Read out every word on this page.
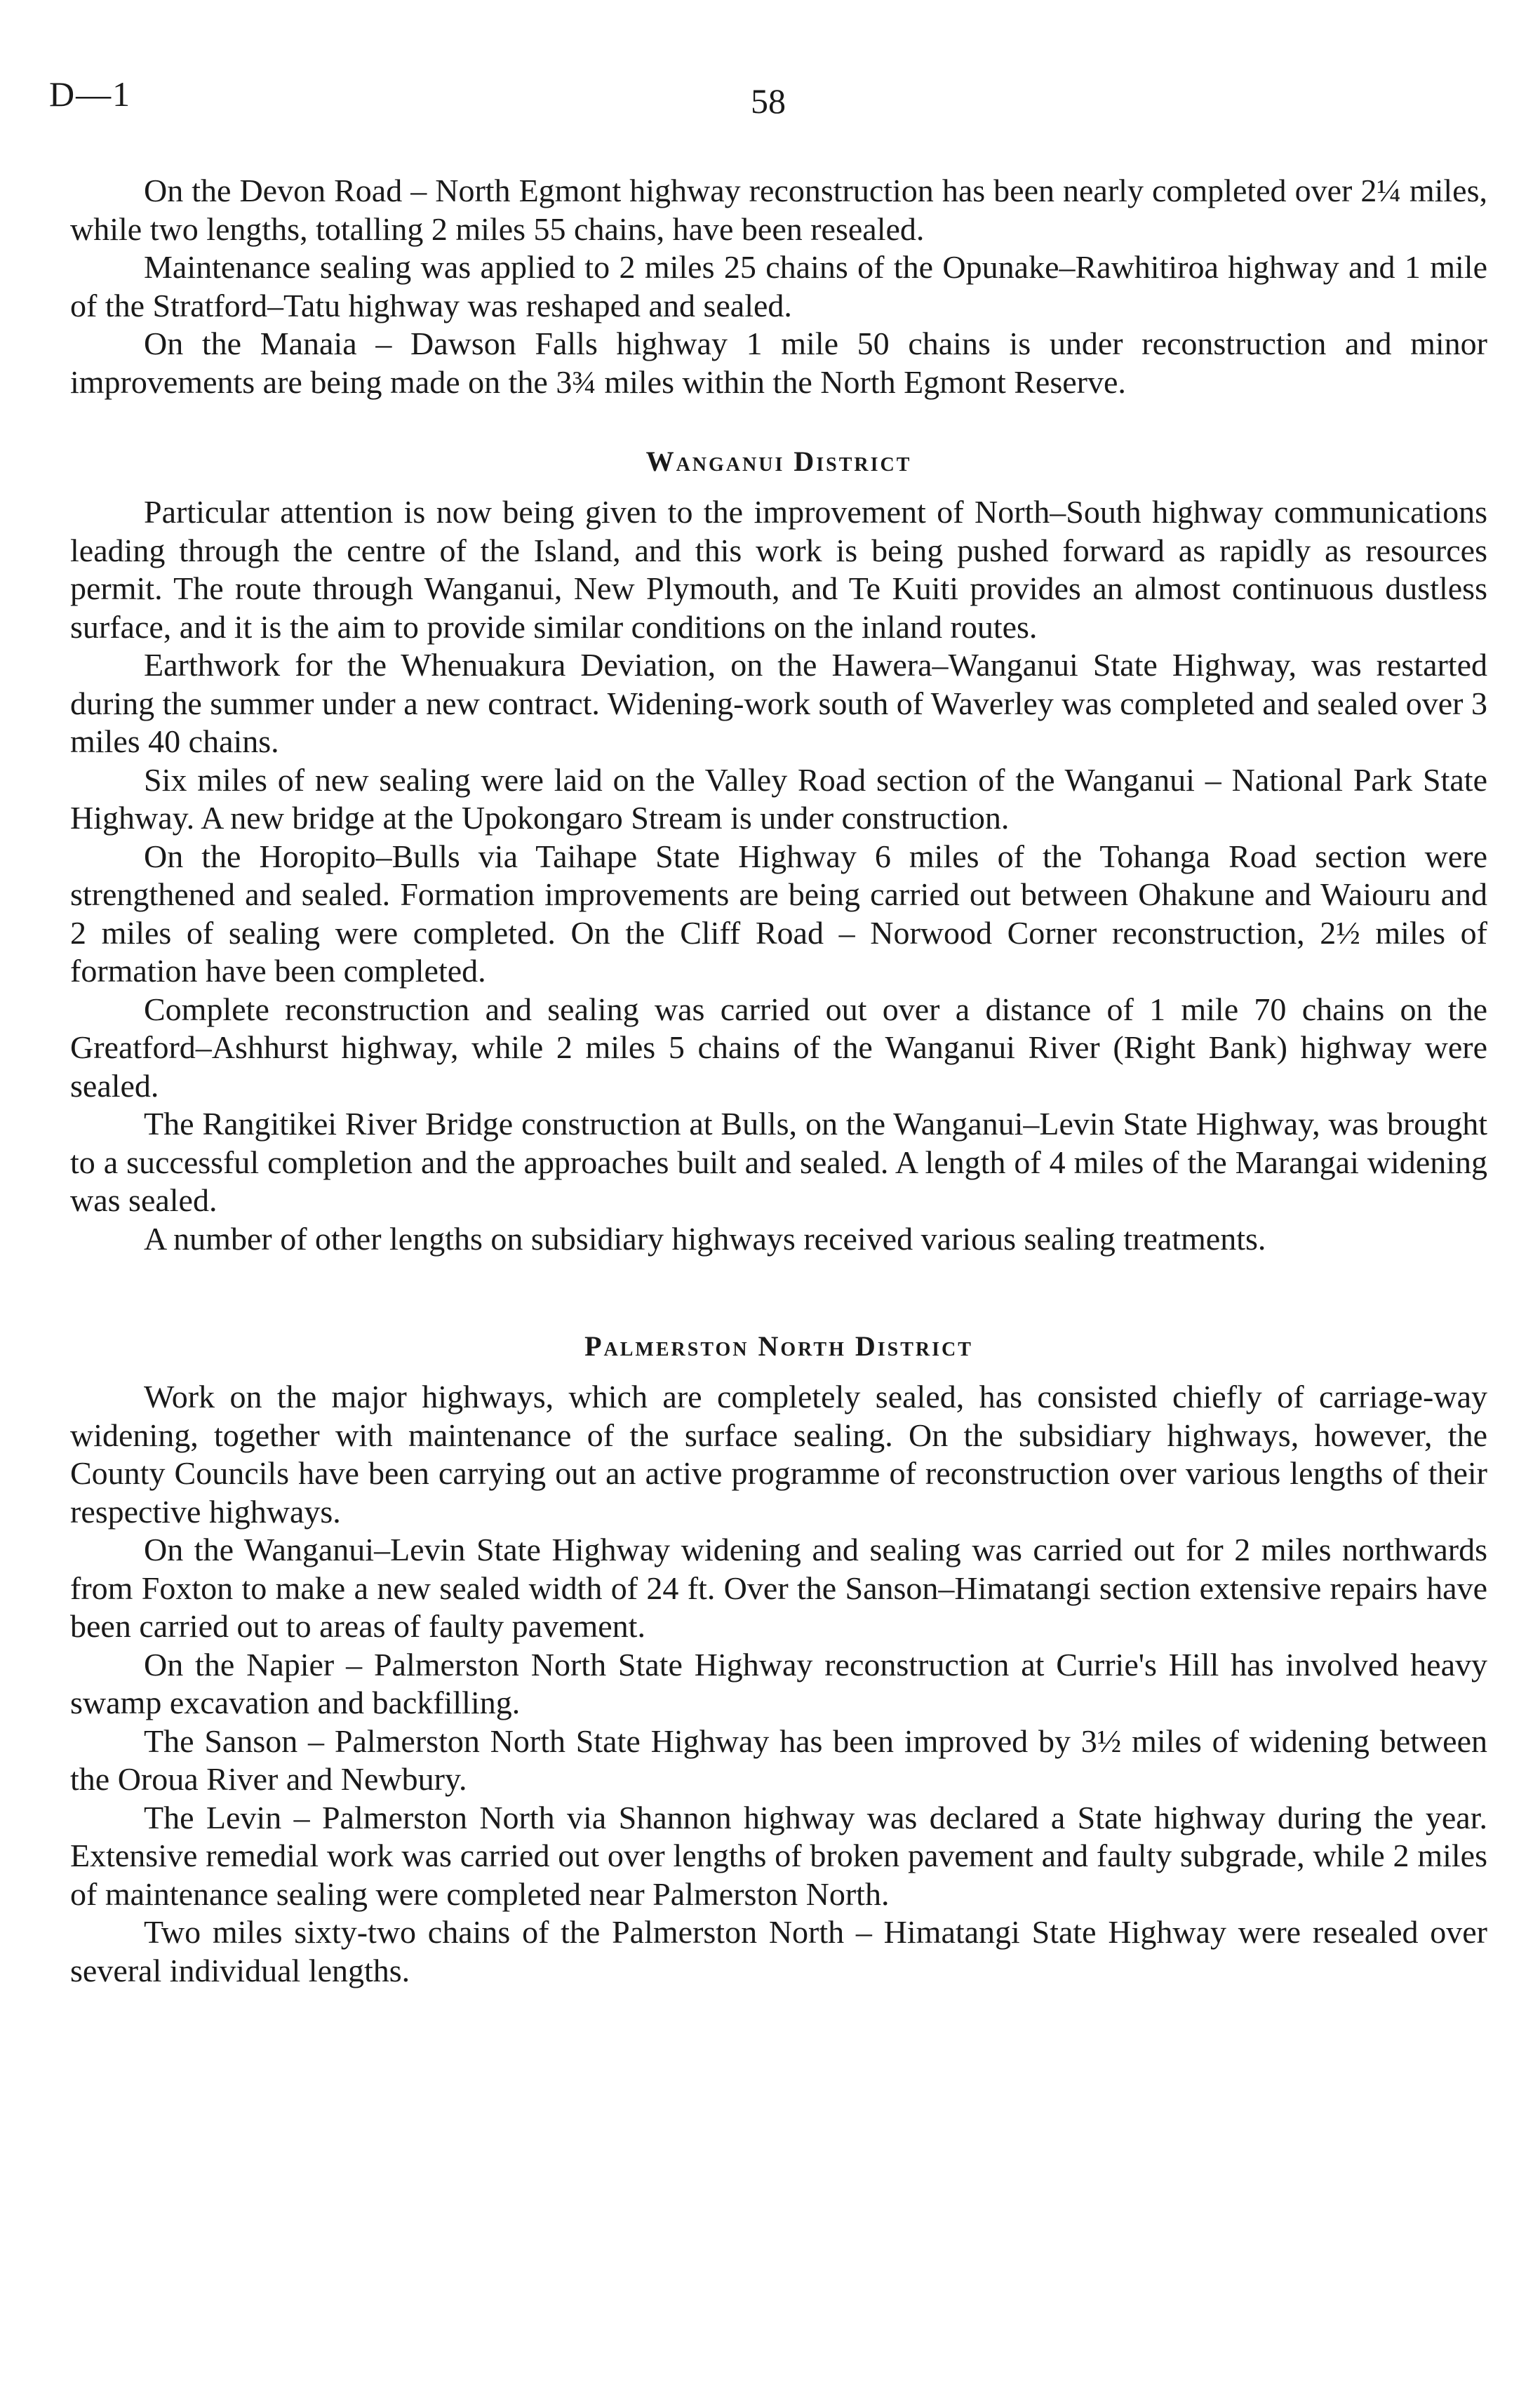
D—1	58

On the Devon Road – North Egmont highway reconstruction has been nearly completed over 2¼ miles, while two lengths, totalling 2 miles 55 chains, have been resealed.

Maintenance sealing was applied to 2 miles 25 chains of the Opunake–Rawhitiroa highway and 1 mile of the Stratford–Tatu highway was reshaped and sealed.

On the Manaia – Dawson Falls highway 1 mile 50 chains is under reconstruction and minor improvements are being made on the 3¾ miles within the North Egmont Reserve.

Wanganui District

Particular attention is now being given to the improvement of North–South highway communications leading through the centre of the Island, and this work is being pushed forward as rapidly as resources permit. The route through Wanganui, New Plymouth, and Te Kuiti provides an almost continuous dustless surface, and it is the aim to provide similar conditions on the inland routes.

Earthwork for the Whenuakura Deviation, on the Hawera–Wanganui State Highway, was restarted during the summer under a new contract. Widening-work south of Waverley was completed and sealed over 3 miles 40 chains.

Six miles of new sealing were laid on the Valley Road section of the Wanganui – National Park State Highway. A new bridge at the Upokongaro Stream is under construction.

On the Horopito–Bulls via Taihape State Highway 6 miles of the Tohanga Road section were strengthened and sealed. Formation improvements are being carried out between Ohakune and Waiouru and 2 miles of sealing were completed. On the Cliff Road – Norwood Corner reconstruction, 2½ miles of formation have been completed.

Complete reconstruction and sealing was carried out over a distance of 1 mile 70 chains on the Greatford–Ashhurst highway, while 2 miles 5 chains of the Wanganui River (Right Bank) highway were sealed.

The Rangitikei River Bridge construction at Bulls, on the Wanganui–Levin State Highway, was brought to a successful completion and the approaches built and sealed. A length of 4 miles of the Marangai widening was sealed.

A number of other lengths on subsidiary highways received various sealing treatments.

Palmerston North District

Work on the major highways, which are completely sealed, has consisted chiefly of carriage-way widening, together with maintenance of the surface sealing. On the subsidiary highways, however, the County Councils have been carrying out an active programme of reconstruction over various lengths of their respective highways.

On the Wanganui–Levin State Highway widening and sealing was carried out for 2 miles northwards from Foxton to make a new sealed width of 24 ft. Over the Sanson–Himatangi section extensive repairs have been carried out to areas of faulty pavement.

On the Napier – Palmerston North State Highway reconstruction at Currie's Hill has involved heavy swamp excavation and backfilling.

The Sanson – Palmerston North State Highway has been improved by 3½ miles of widening between the Oroua River and Newbury.

The Levin – Palmerston North via Shannon highway was declared a State highway during the year. Extensive remedial work was carried out over lengths of broken pavement and faulty subgrade, while 2 miles of maintenance sealing were completed near Palmerston North.

Two miles sixty-two chains of the Palmerston North – Himatangi State Highway were resealed over several individual lengths.
